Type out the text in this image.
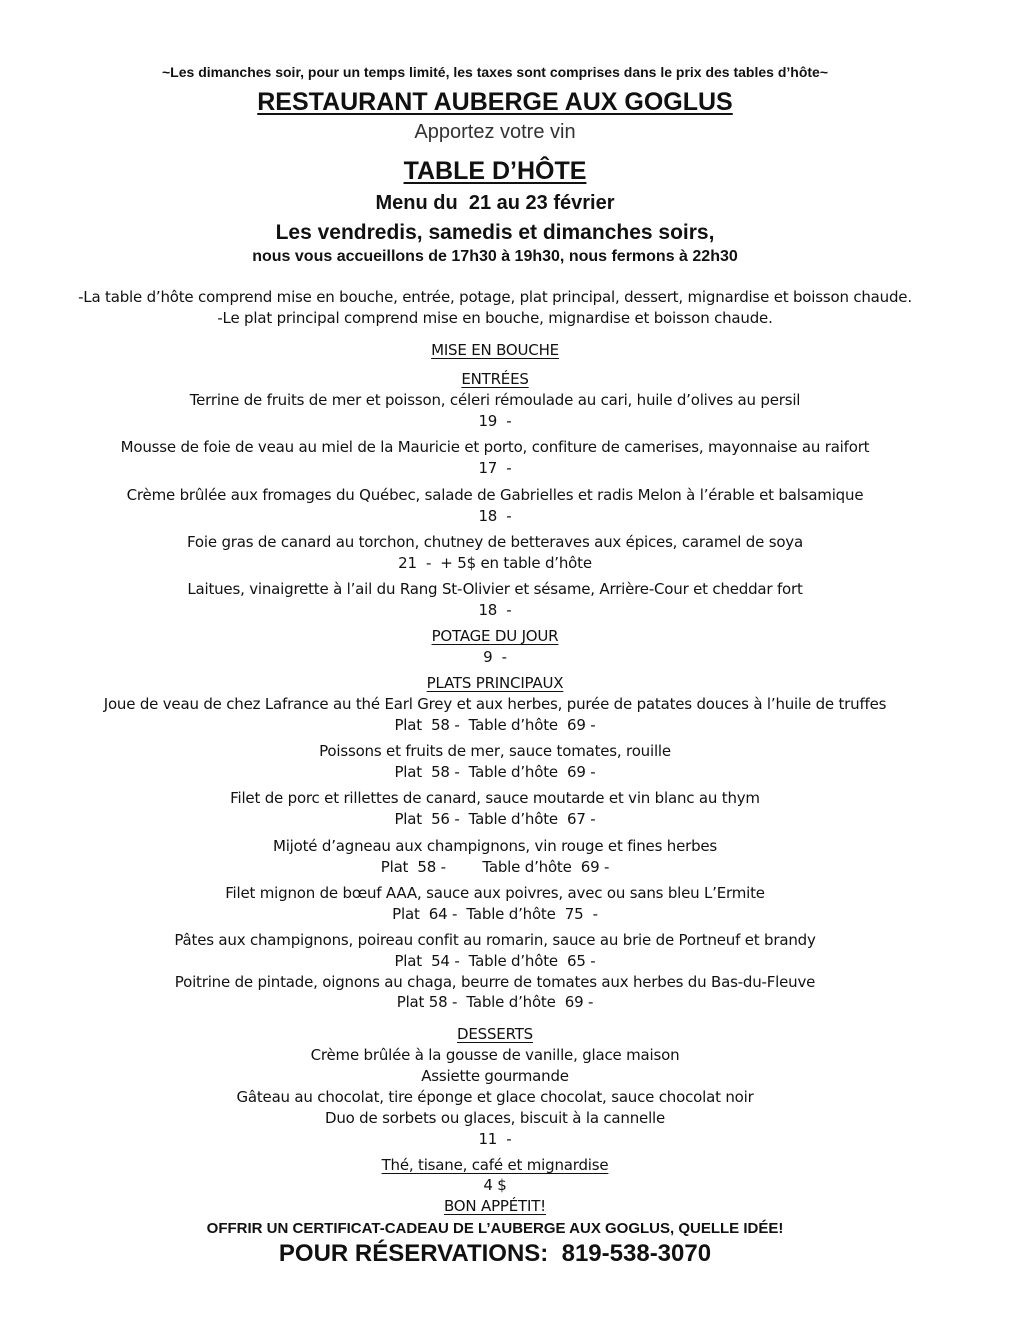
~Les dimanches soir, pour un temps limité, les taxes sont comprises dans le prix des tables d’hôte~
RESTAURANT AUBERGE AUX GOGLUS
Apportez votre vin
TABLE D’HÔTE
Menu du  21 au 23 février
Les vendredis, samedis et dimanches soirs,
nous vous accueillons de 17h30 à 19h30, nous fermons à 22h30
-La table d’hôte comprend mise en bouche, entrée, potage, plat principal, dessert, mignardise et boisson chaude.
-Le plat principal comprend mise en bouche, mignardise et boisson chaude.
MISE EN BOUCHE
ENTRÉES
Terrine de fruits de mer et poisson, céleri rémoulade au cari, huile d’olives au persil
19  -
Mousse de foie de veau au miel de la Mauricie et porto, confiture de camerises, mayonnaise au raifort
17  -
Crème brûlée aux fromages du Québec, salade de Gabrielles et radis Melon à l’érable et balsamique
18  -
Foie gras de canard au torchon, chutney de betteraves aux épices, caramel de soya
21  -  + 5$ en table d’hôte
Laitues, vinaigrette à l’ail du Rang St-Olivier et sésame, Arrière-Cour et cheddar fort
18  -
POTAGE DU JOUR
9  -
PLATS PRINCIPAUX
Joue de veau de chez Lafrance au thé Earl Grey et aux herbes, purée de patates douces à l’huile de truffes
Plat  58 -  Table d’hôte  69 -
Poissons et fruits de mer, sauce tomates, rouille
Plat  58 -  Table d’hôte  69 -
Filet de porc et rillettes de canard, sauce moutarde et vin blanc au thym
Plat  56 -  Table d’hôte  67 -
Mijoté d’agneau aux champignons, vin rouge et fines herbes
Plat  58 -        Table d’hôte  69 -
Filet mignon de bœuf AAA, sauce aux poivres, avec ou sans bleu L’Ermite
Plat  64 -  Table d’hôte  75  -
Pâtes aux champignons, poireau confit au romarin, sauce au brie de Portneuf et brandy
Plat  54 -  Table d’hôte  65 -
Poitrine de pintade, oignons au chaga, beurre de tomates aux herbes du Bas-du-Fleuve
Plat 58 -  Table d’hôte  69 -
DESSERTS
Crème brûlée à la gousse de vanille, glace maison
Assiette gourmande
Gâteau au chocolat, tire éponge et glace chocolat, sauce chocolat noir
Duo de sorbets ou glaces, biscuit à la cannelle
11  -
Thé, tisane, café et mignardise
4 $
BON APPÉTIT!
OFFRIR UN CERTIFICAT-CADEAU DE L’AUBERGE AUX GOGLUS, QUELLE IDÉE!
POUR RÉSERVATIONS:  819-538-3070
